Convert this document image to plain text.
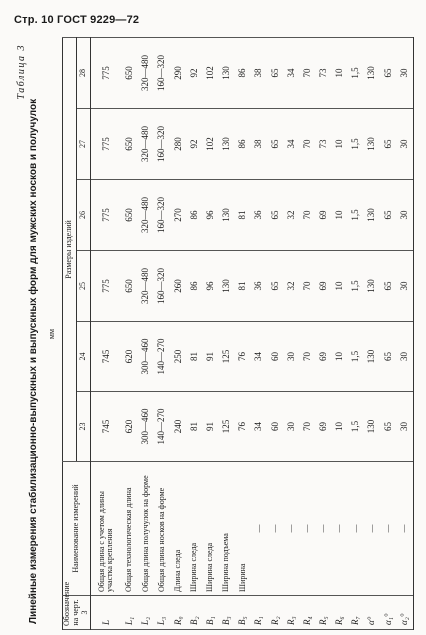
Стр. 10 ГОСТ 9229—72
Таблица 3
Линейные измерения стабилизационно-выпускных и выпускных форм для мужских носков и получулок мм
Обозначение на черт. 3	Наименование измерений	Размеры изделий					
		23	24	25	26	27	28
L	Общая длина с учетом длины участка крепления	745	745	775	775	775	775
L₁	Общая технологическая длина	620	620	650	650	650	650
L₂	Общая длина получулок на форме	300—460	300—460	320—480	320—480	320—480	320—480
L₃	Общая длина носков на форме	140—270	140—270	160—320	160—320	160—320	160—320
R₀	Длина следа	240	250	260	270	280	290
B₂	Ширина следа	81	81	86	86	92	92
B₁	Ширина следа	91	91	96	96	102	102
B₃	Ширина подъема	125	125	130	130	130	130
B₅	Ширина	76	76	81	81	86	86
R₁	—	34	34	36	36	38	38
R₂	—	60	60	65	65	65	65
R₃	—	30	30	32	32	34	34
R₄	—	70	70	70	70	70	70
R₅	—	69	69	69	69	73	73
R₆	—	10	10	10	10	10	10
R₇	—	1,5	1,5	1,5	1,5	1,5	1,5
α°	—	130	130	130	130	130	130
α₁°	—	65	65	65	65	65	65
α₂°	—	30	30	30	30	30	30
